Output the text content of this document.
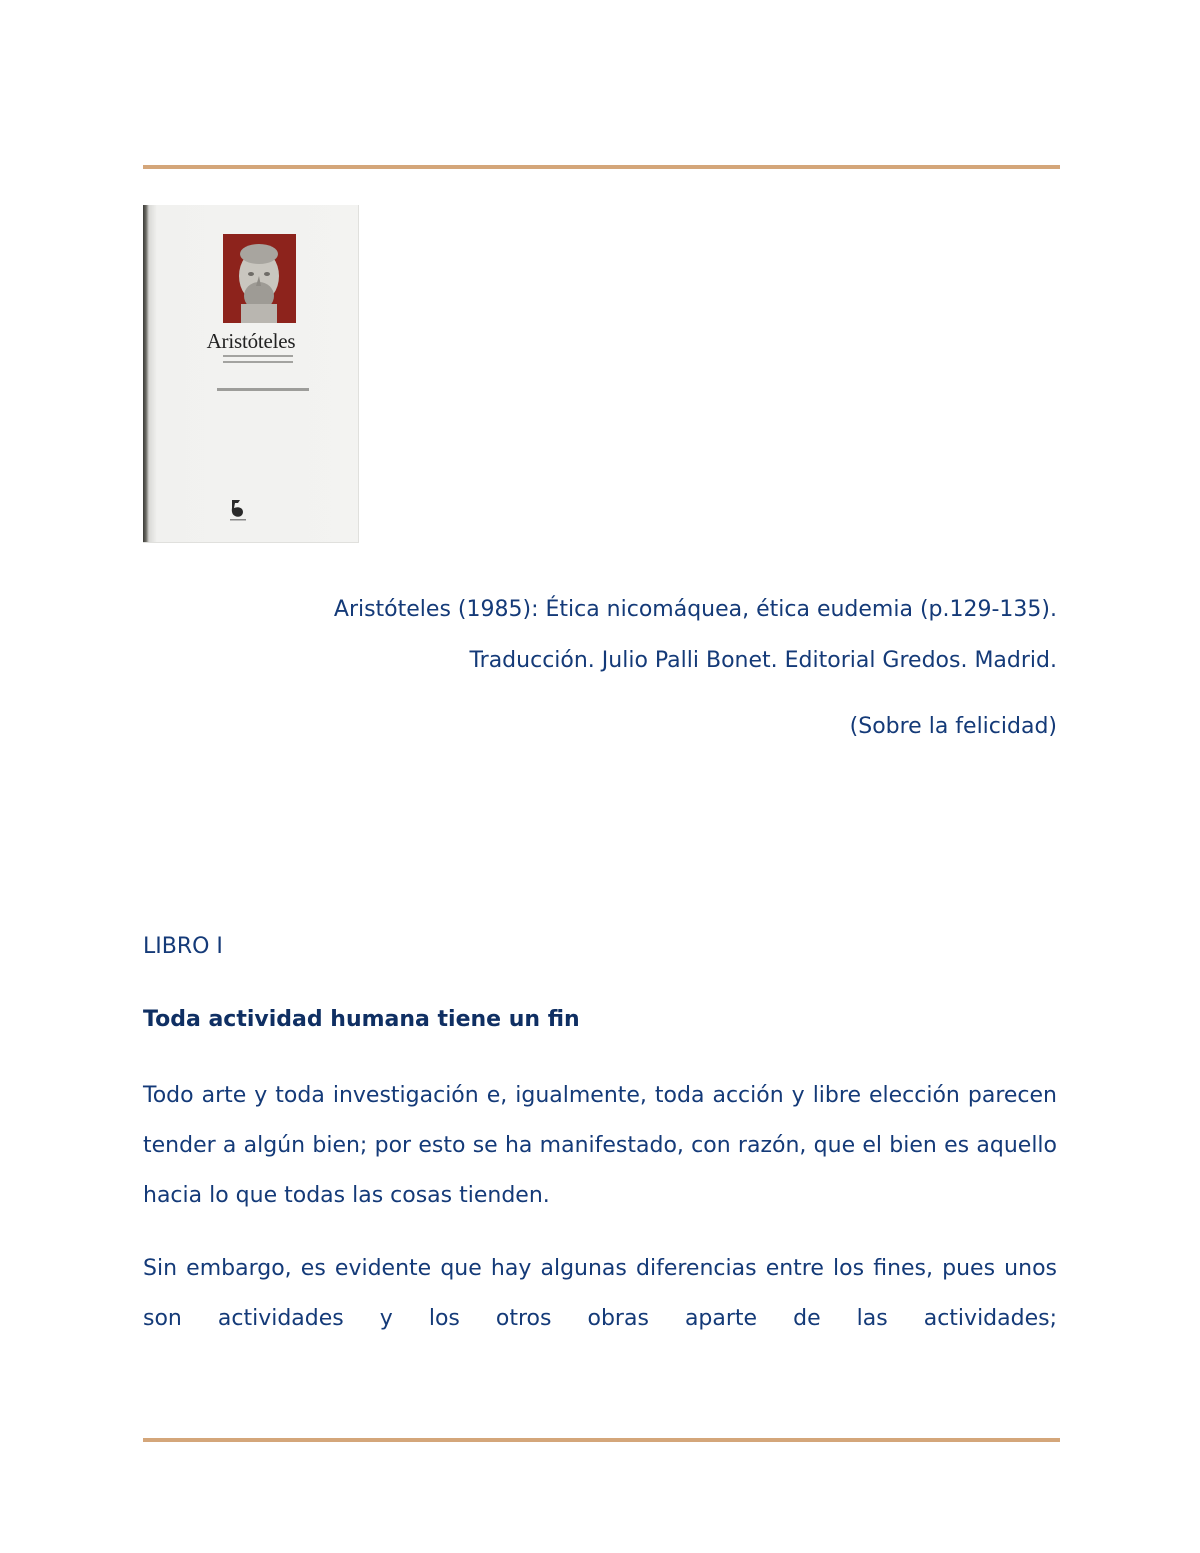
Aristóteles
Aristóteles (1985): Ética nicomáquea, ética eudemia (p.129-135).
Traducción. Julio Palli Bonet. Editorial Gredos. Madrid.
(Sobre la felicidad)
LIBRO I
Toda actividad humana tiene un fin

Todo arte y toda investigación e, igualmente, toda acción y libre elección parecen tender a algún bien; por esto se ha manifestado, con razón, que el bien es aquello hacia lo que todas las cosas tienden.

Sin embargo, es evidente que hay algunas diferencias entre los fines, pues unos son actividades y los otros obras aparte de las actividades;
